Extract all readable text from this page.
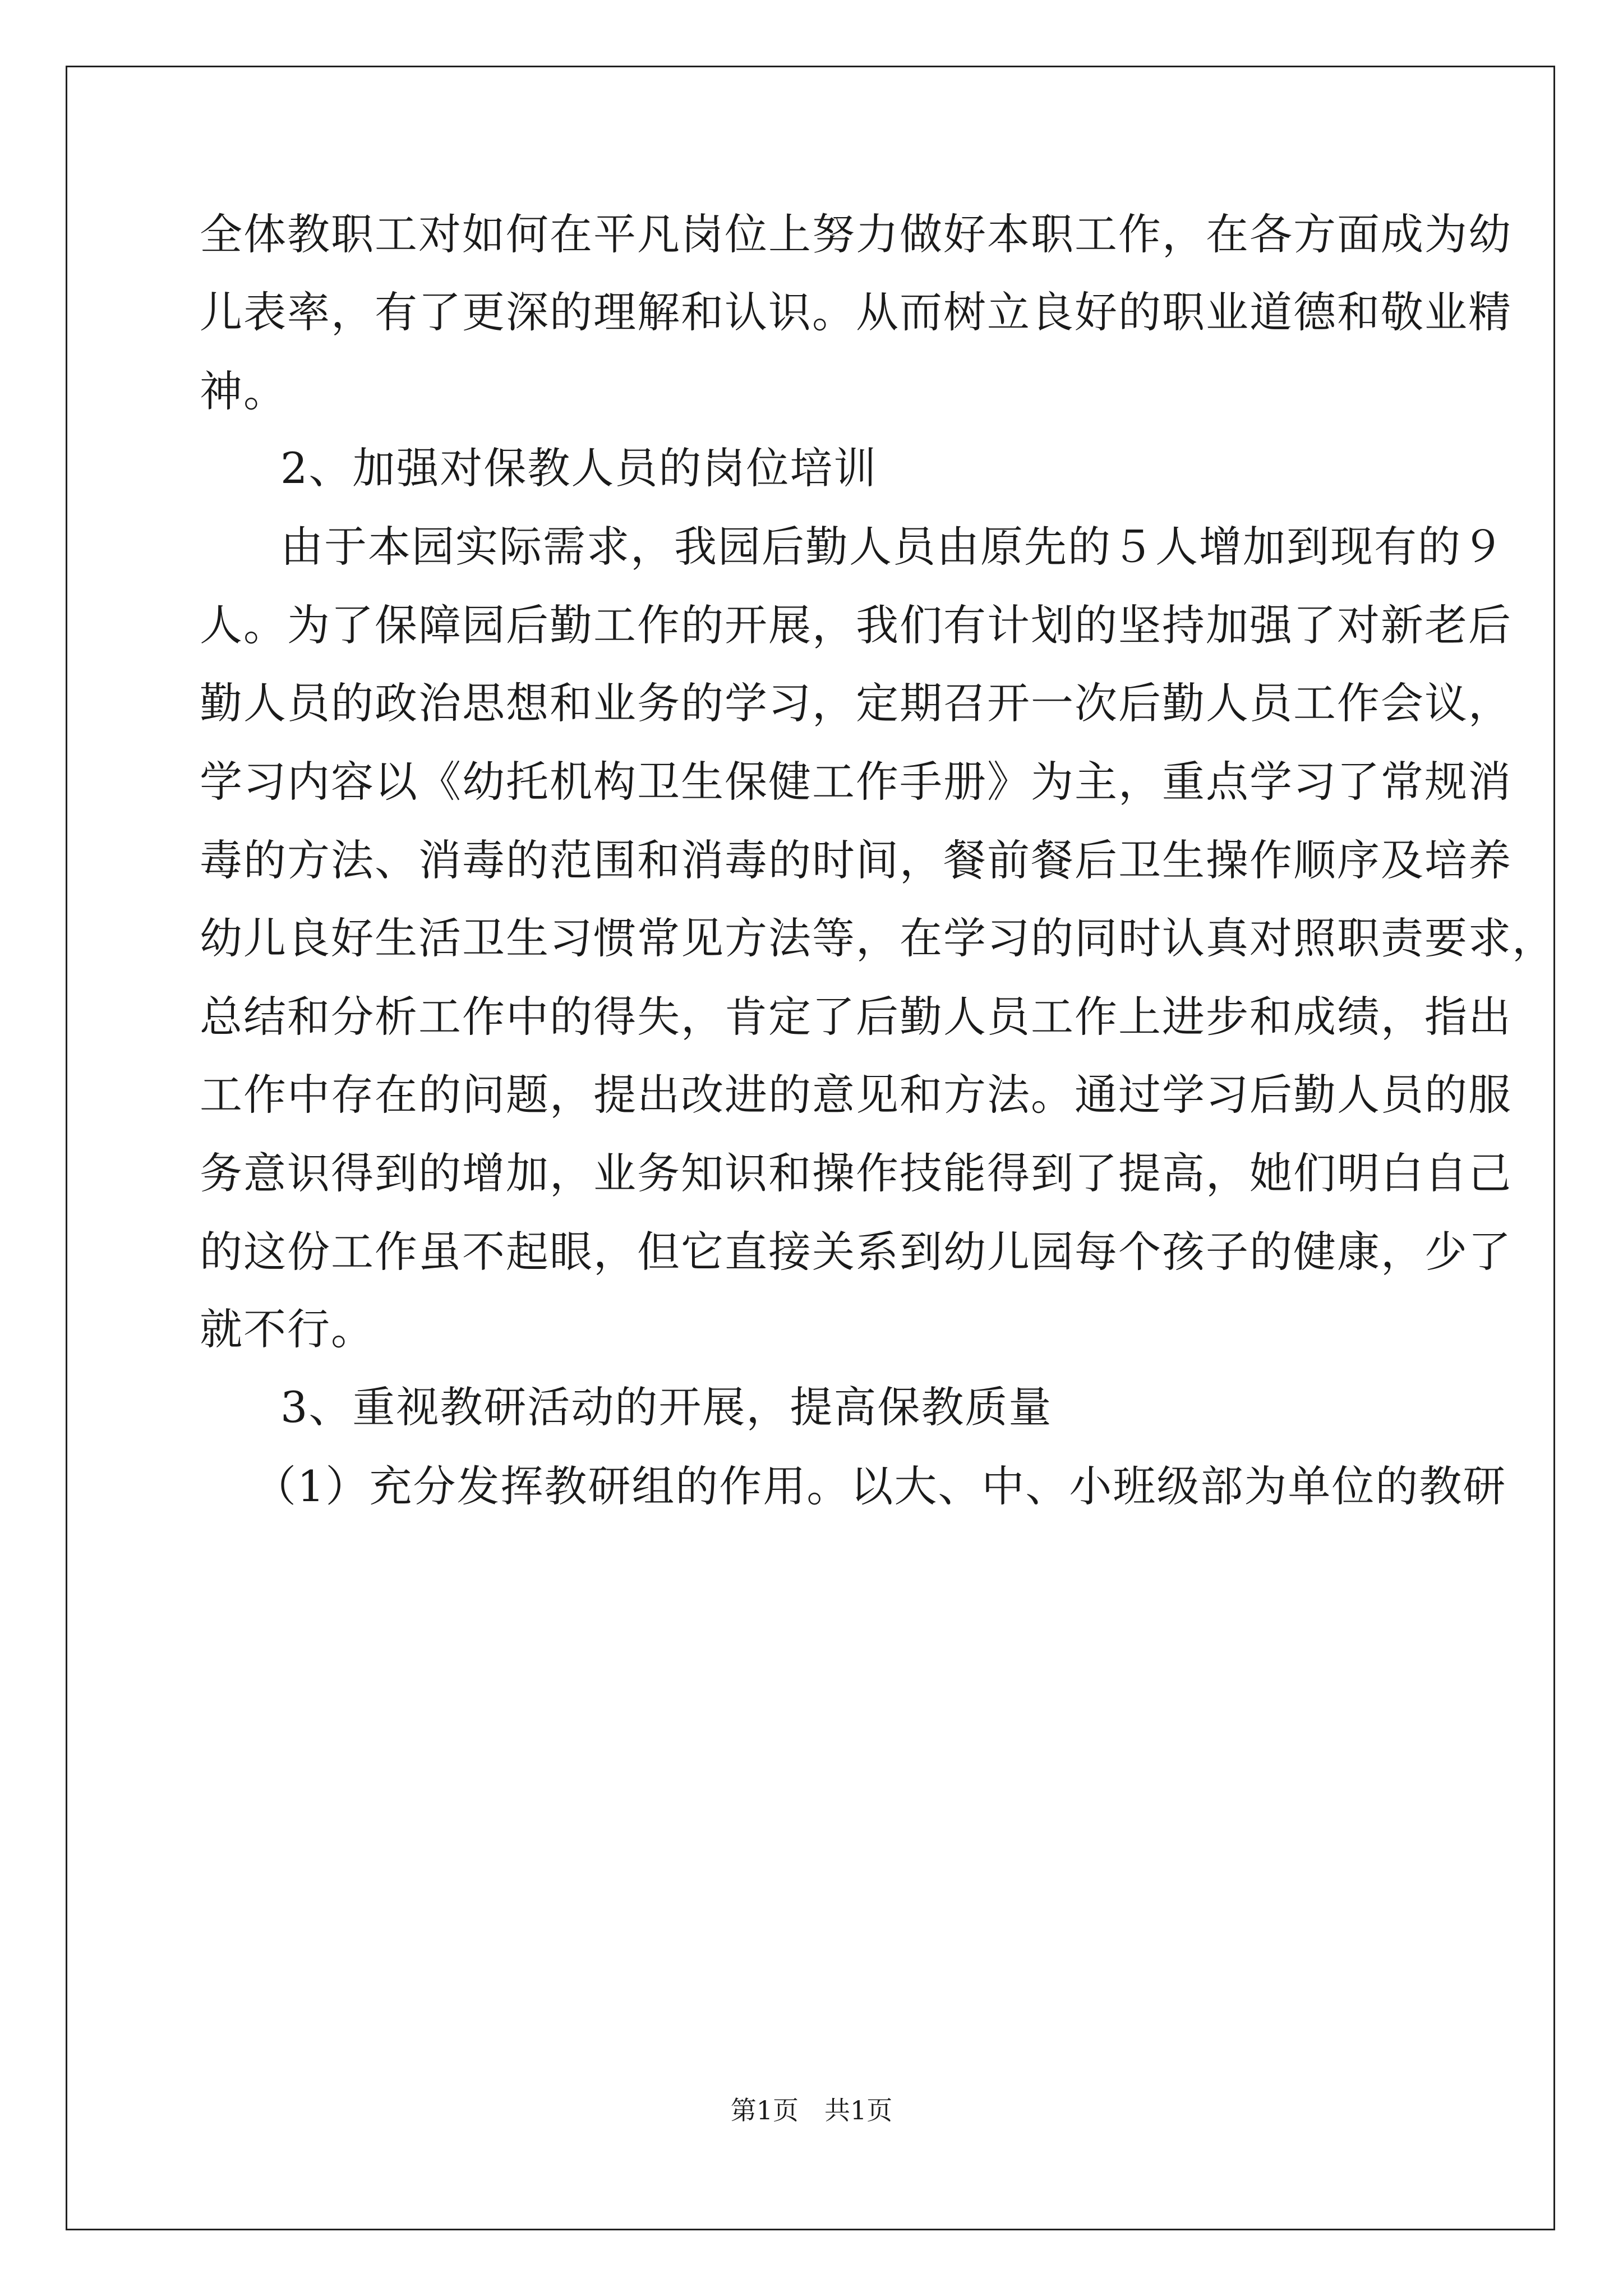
全体教职工对如何在平凡岗位上努力做好本职工作，在各方面成为幼
儿表率，有了更深的理解和认识。从而树立良好的职业道德和敬业精
神。
2、加强对保教人员的岗位培训
由于本园实际需求，我园后勤人员由原先的５人增加到现有的９
人。为了保障园后勤工作的开展，我们有计划的坚持加强了对新老后
勤人员的政治思想和业务的学习，定期召开一次后勤人员工作会议，
学习内容以《幼托机构卫生保健工作手册》为主，重点学习了常规消
毒的方法、消毒的范围和消毒的时间，餐前餐后卫生操作顺序及培养
幼儿良好生活卫生习惯常见方法等，在学习的同时认真对照职责要求，
总结和分析工作中的得失，肯定了后勤人员工作上进步和成绩，指出
工作中存在的问题，提出改进的意见和方法。通过学习后勤人员的服
务意识得到的增加，业务知识和操作技能得到了提高，她们明白自己
的这份工作虽不起眼，但它直接关系到幼儿园每个孩子的健康，少了
就不行。
3、重视教研活动的开展，提高保教质量
（1）充分发挥教研组的作用。以大、中、小班级部为单位的教研
第1页　共1页
